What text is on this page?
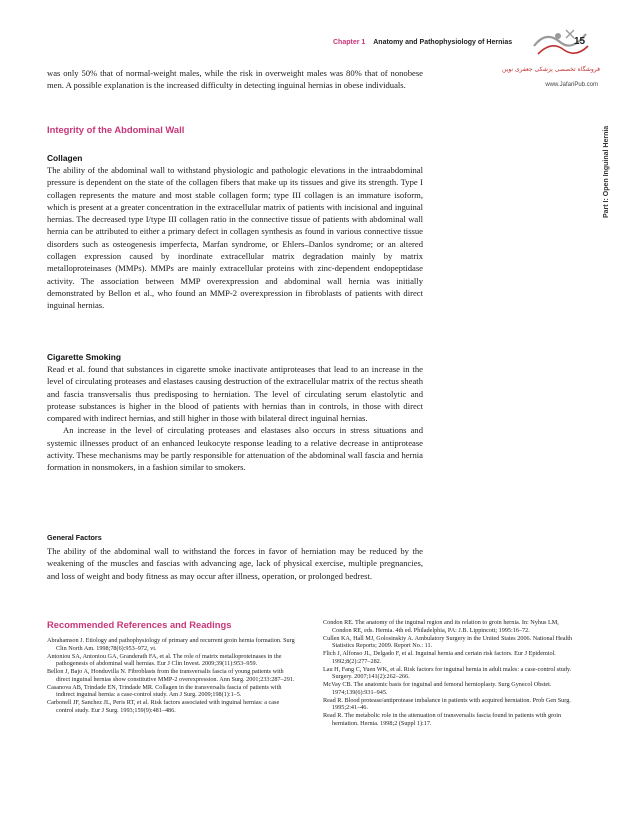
Chapter 1 Anatomy and Pathophysiology of Hernias	15
فروشگاه تخصصی پزشکی جعفری نوین
www.JafariPub.com
Part I: Open Inguinal Hernia

was only 50% that of normal-weight males, while the risk in overweight males was 80% that of nonobese men. A possible explanation is the increased difficulty in detecting inguinal hernias in obese individuals.

Integrity of the Abdominal Wall
Collagen

The ability of the abdominal wall to withstand physiologic and pathologic elevations in the intraabdominal pressure is dependent on the state of the collagen fibers that make up its tissues and give its strength. Type I collagen represents the mature and most stable collagen form; type III collagen is an immature isoform, which is present at a greater concentration in the extracellular matrix of patients with incisional and inguinal hernias. The decreased type I/type III collagen ratio in the connective tissue of patients with abdominal wall hernia can be attributed to either a primary defect in collagen synthesis as found in various connective tissue disorders such as osteogenesis imperfecta, Marfan syndrome, or Ehlers–Danlos syndrome; or an altered collagen expression caused by inordinate extracellular matrix degradation mainly by matrix metalloproteinases (MMPs). MMPs are mainly extracellular proteins with zinc-dependent endopeptidase activity. The association between MMP overexpression and abdominal wall hernia was initially demonstrated by Bellon et al., who found an MMP-2 overexpression in fibroblasts of patients with direct inguinal hernias.

Cigarette Smoking

Read et al. found that substances in cigarette smoke inactivate antiproteases that lead to an increase in the level of circulating proteases and elastases causing destruction of the extracellular matrix of the rectus sheath and fascia transversalis thus predisposing to herniation. The level of circulating serum elastolytic and protease substances is higher in the blood of patients with hernias than in controls, in those with direct compared with indirect hernias, and still higher in those with bilateral direct inguinal hernias.

An increase in the level of circulating proteases and elastases also occurs in stress situations and systemic illnesses product of an enhanced leukocyte response leading to a relative decrease in antiprotease activity. These mechanisms may be partly responsible for attenuation of the abdominal wall fascia and hernia formation in nonsmokers, in a fashion similar to smokers.

General Factors

The ability of the abdominal wall to withstand the forces in favor of herniation may be reduced by the weakening of the muscles and fascias with advancing age, lack of physical exercise, multiple pregnancies, and loss of weight and body fitness as may occur after illness, operation, or prolonged bedrest.

Recommended References and Readings

Abrahamson J. Etiology and pathophysiology of primary and recurrent groin hernia formation. Surg Clin North Am. 1998;78(6):953–972, vi.

Antoniou SA, Antoniou GA, Granderath FA, et al. The role of matrix metalloproteinases in the pathogenesis of abdominal wall hernias. Eur J Clin Invest. 2009;39(11):953–959.

Bellon J, Bajo A, Honduvilla N. Fibroblasts from the transversalis fascia of young patients with direct inguinal hernias show constitutive MMP-2 overexpression. Ann Surg. 2001;233:287–291.

Casanova AB, Trindade EN, Trindade MR. Collagen in the transversalis fascia of patients with indirect inguinal hernia: a case-control study. Am J Surg. 2009;198(1):1–5.

Carbonell JF, Sanchez JL, Peris RT, et al. Risk factors associated with inguinal hernias: a case control study. Eur J Surg. 1993;159(9):481–486.

Condon RE. The anatomy of the inguinal region and its relation to groin hernia. In: Nyhus LM, Condon RE, eds. Hernia. 4th ed. Philadelphia, PA: J.B. Lippincott; 1995:16–72.

Cullen KA, Hall MJ, Golosinskiy A. Ambulatory Surgery in the United States 2006. National Health Statistics Reports; 2009. Report No.: 11.

Flich J, Alfonso JL, Delgado F, et al. Inguinal hernia and certain risk factors. Eur J Epidemiol. 1992;8(2):277–282.

Lau H, Fang C, Yuen WK, et al. Risk factors for inguinal hernia in adult males: a case-control study. Surgery. 2007;141(2):262–266.

McVay CB. The anatomic basis for inguinal and femoral hernioplasty. Surg Gynecol Obstet. 1974;139(6):931–945.

Read R. Blood protease/antiprotease imbalance in patients with acquired herniation. Prob Gen Surg. 1995;2:41–46.

Read R. The metabolic role in the attenuation of transversalis fascia found in patients with groin herniation. Hernia. 1998;2 (Suppl 1):17.
